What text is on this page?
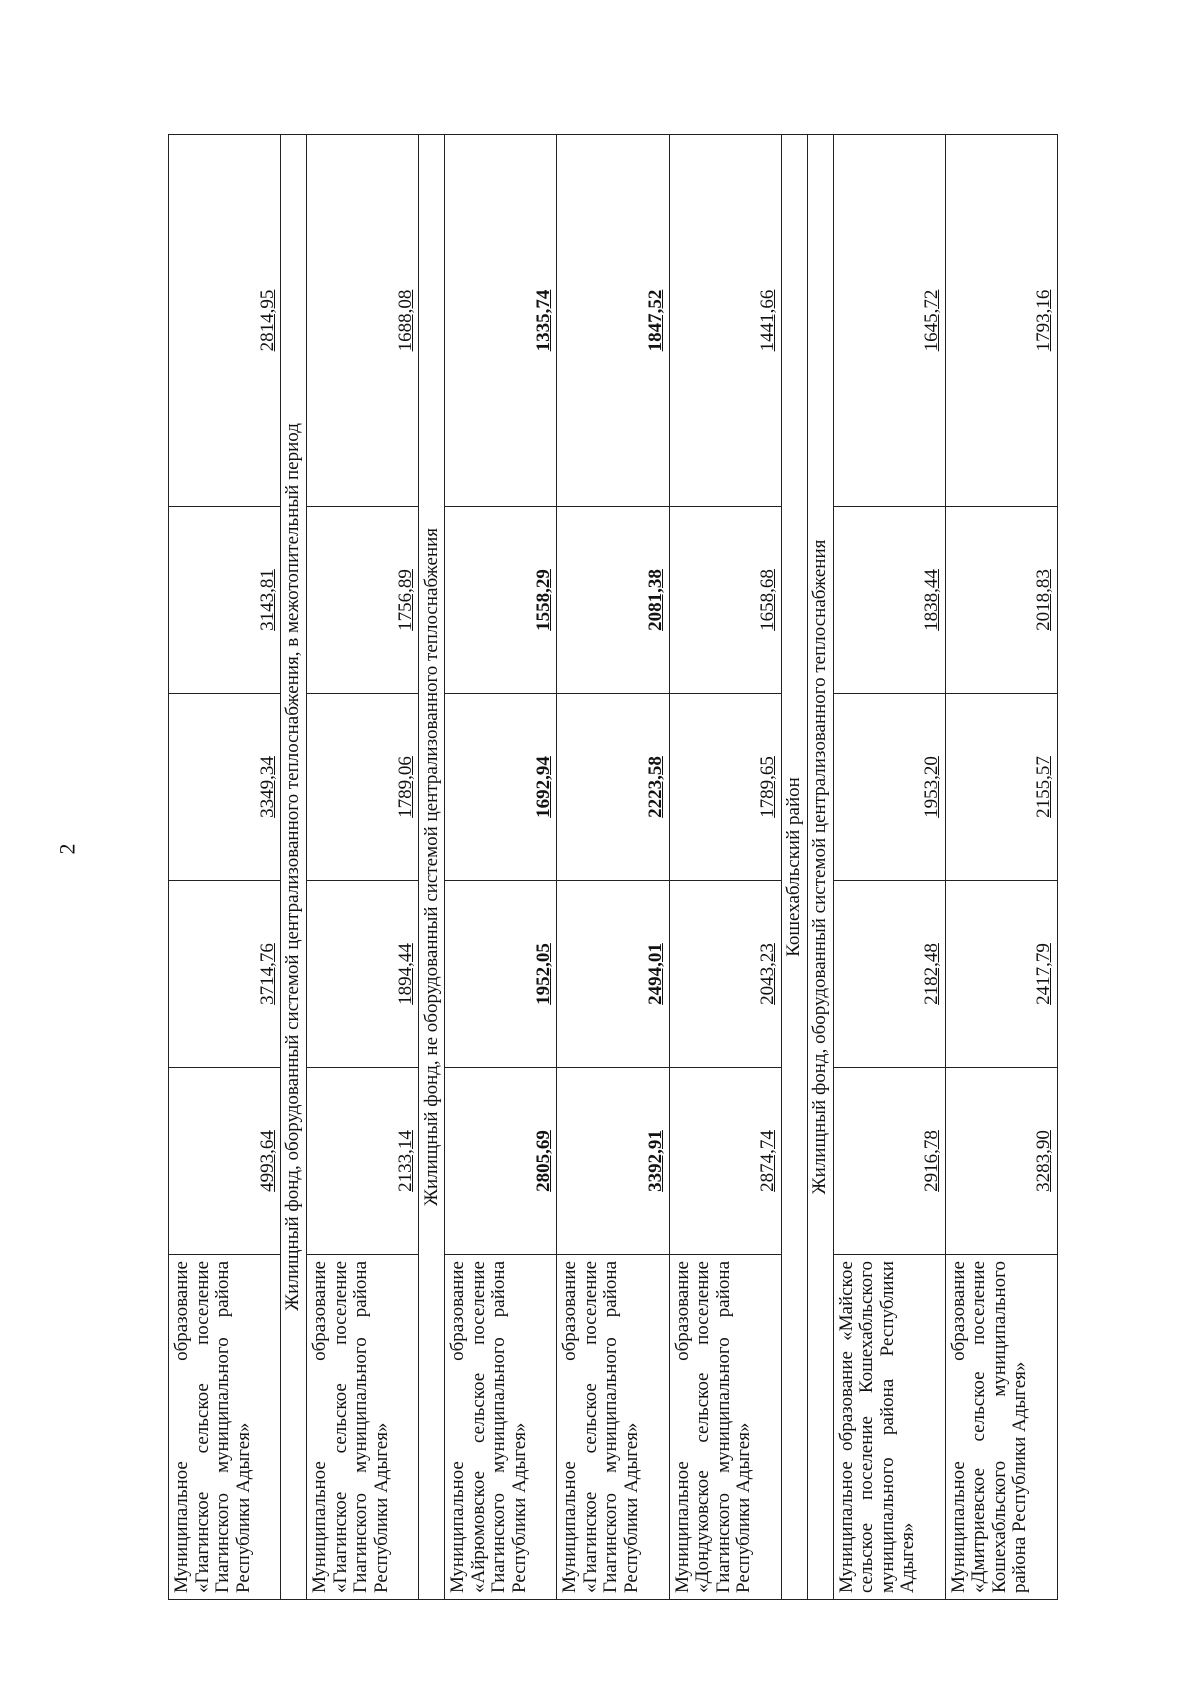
2
Муниципальное образование «Гиагинское сельское поселение Гиагинского муниципального района Республики Адыгея»	4993,64	3714,76	3349,34	3143,81	2814,95
Жилищный фонд, оборудованный системой централизованного теплоснабжения, в межотопительный период					
Муниципальное образование «Гиагинское сельское поселение Гиагинского муниципального района Республики Адыгея»	2133,14	1894,44	1789,06	1756,89	1688,08
Жилищный фонд, не оборудованный системой централизованного теплоснабжения					
Муниципальное образование «Айрюмовское сельское поселение Гиагинского муниципального района Республики Адыгея»	2805,69	1952,05	1692,94	1558,29	1335,74
Муниципальное образование «Гиагинское сельское поселение Гиагинского муниципального района Республики Адыгея»	3392,91	2494,01	2223,58	2081,38	1847,52
Муниципальное образование «Дондуковское сельское поселение Гиагинского муниципального района Республики Адыгея»	2874,74	2043,23	1789,65	1658,68	1441,66
Кошехабльский район					
Жилищный фонд, оборудованный системой централизованного теплоснабжения					
Муниципальное образование «Майское сельское поселение Кошехабльского муниципального района Республики Адыгея»	2916,78	2182,48	1953,20	1838,44	1645,72
Муниципальное образование «Дмитриевское сельское поселение Кошехабльского муниципального района Республики Адыгея»	3283,90	2417,79	2155,57	2018,83	1793,16
